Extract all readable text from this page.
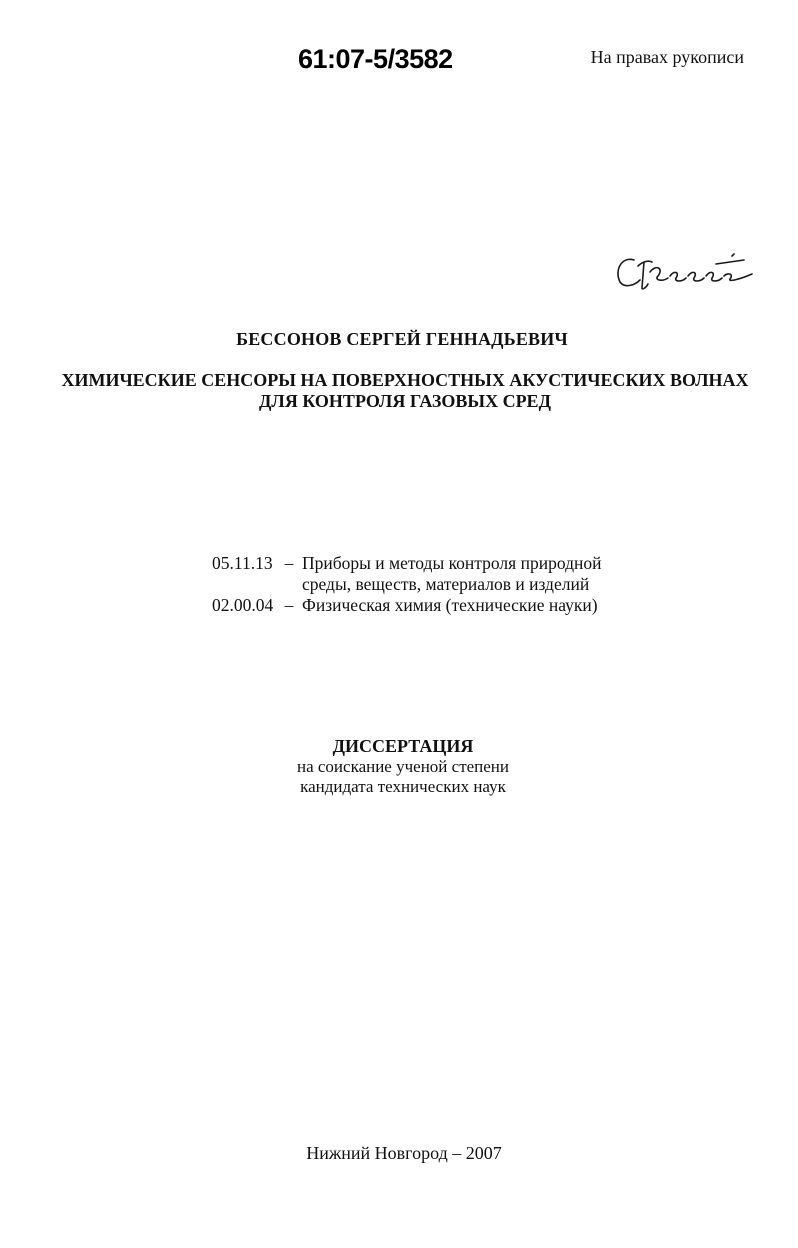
61:07-5/3582	На правах рукописи
БЕССОНОВ СЕРГЕЙ ГЕННАДЬЕВИЧ
ХИМИЧЕСКИЕ СЕНСОРЫ НА ПОВЕРХНОСТНЫХ АКУСТИЧЕСКИХ ВОЛНАХ
ДЛЯ КОНТРОЛЯ ГАЗОВЫХ СРЕД
05.11.13 – Приборы и методы контроля природной
среды, веществ, материалов и изделий
02.00.04 – Физическая химия (технические науки)
ДИССЕРТАЦИЯ
на соискание ученой степени
кандидата технических наук
Нижний Новгород – 2007
